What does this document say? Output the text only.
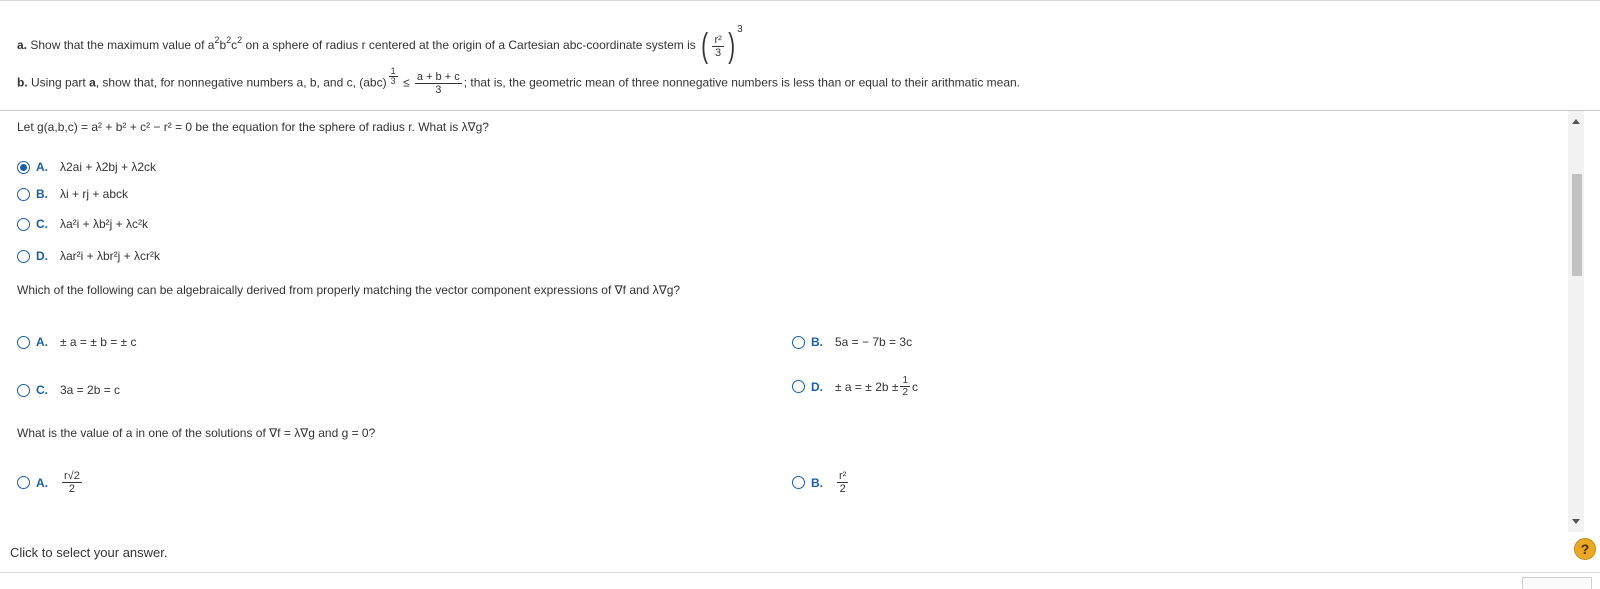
a. Show that the maximum value of $a^2b^2c^2$ on a sphere of radius r centered at the origin of a Cartesian abc-coordinate system is ( $\frac{\text{r²}}{3}$ ) $^3$
b. Using part a, show that, for nonnegative numbers a, b, and c, $(abc) \frac{1}{3} \le \frac{a + b + c}{3}$ ; that is, the geometric mean of three nonnegative numbers is less than or equal to their arithmatic mean.
Let g(a,b,c) = a² + b² + c² − r² = 0 be the equation for the sphere of radius r. What is λ∇g?
A. λ2ai + λ2bj + λ2ck
B. λi + rj + abck
C. λa²i + λb²j + λc²k
D. λar²i + λbr²j + λcr²k
Which of the following can be algebraically derived from properly matching the vector component expressions of ∇f and λ∇g?
A. ± a = ± b = ± c	B. 5a = − 7b = 3c
C. 3a = 2b = c	D. ± a = ± $2b \pm \frac{1}{2}$ c
What is the value of a in one of the solutions of ∇f = λ∇g and g = 0?
A. $\frac{r√2}{2}$	B. $\frac{\text{r²}}{2}$
Click to select your answer.	?
